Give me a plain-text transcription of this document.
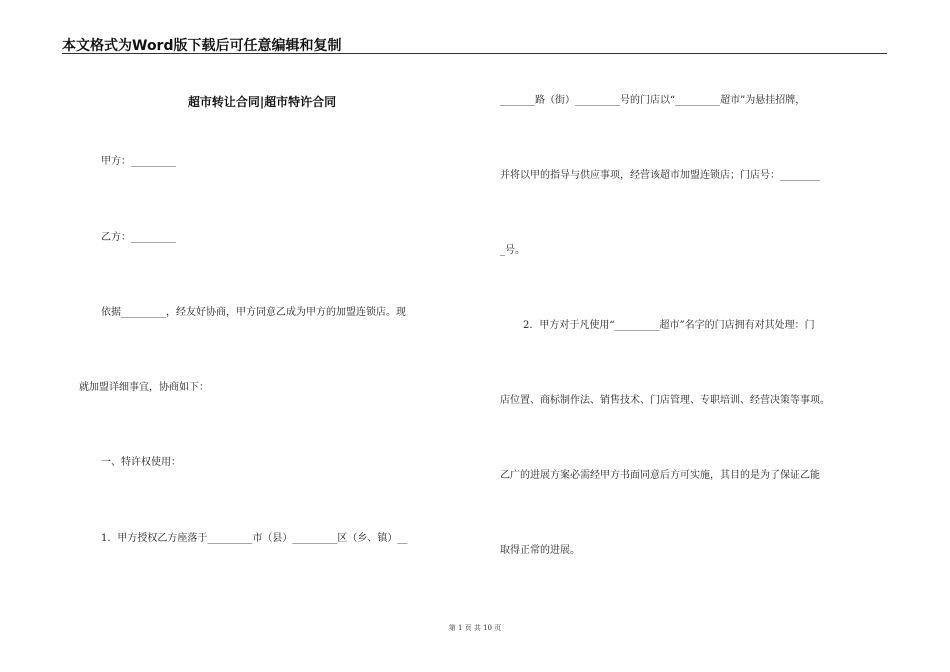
本文格式为Word版下载后可任意编辑和复制
超市转让合同|超市特许合同
甲方：_________
乙方：_________
依据_________，经友好协商，甲方同意乙成为甲方的加盟连锁店。现
就加盟详细事宜，协商如下：
一、特许权使用：
1．甲方授权乙方座落于_________市（县）_________区（乡、镇）__
_______路（街）_________号的门店以“_________超市”为悬挂招牌，
并将以甲的指导与供应事项，经营该超市加盟连锁店；门店号：________
_号。
2．甲方对于凡使用“_________超市”名字的门店拥有对其处理：门
店位置、商标制作法、销售技术、门店管理、专职培训、经营决策等事项。
乙广的进展方案必需经甲方书面同意后方可实施，其目的是为了保证乙能
取得正常的进展。
第 1 页 共 10 页
